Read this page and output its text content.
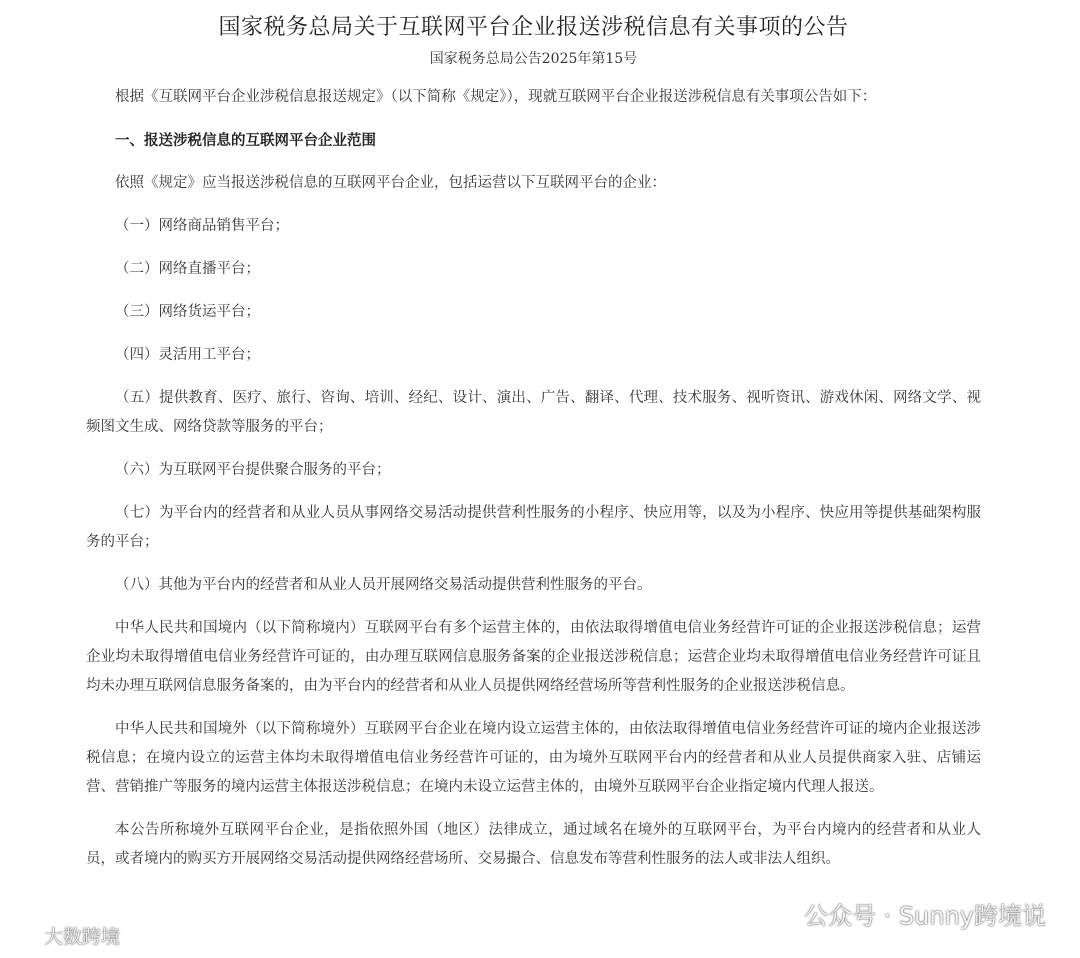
国家税务总局关于互联网平台企业报送涉税信息有关事项的公告
国家税务总局公告2025年第15号

根据《互联网平台企业涉税信息报送规定》（以下简称《规定》），现就互联网平台企业报送涉税信息有关事项公告如下：

一、报送涉税信息的互联网平台企业范围

依照《规定》应当报送涉税信息的互联网平台企业，包括运营以下互联网平台的企业：

（一）网络商品销售平台；

（二）网络直播平台；

（三）网络货运平台；

（四）灵活用工平台；

（五）提供教育、医疗、旅行、咨询、培训、经纪、设计、演出、广告、翻译、代理、技术服务、视听资讯、游戏休闲、网络文学、视频图文生成、网络贷款等服务的平台；

（六）为互联网平台提供聚合服务的平台；

（七）为平台内的经营者和从业人员从事网络交易活动提供营利性服务的小程序、快应用等，以及为小程序、快应用等提供基础架构服务的平台；

（八）其他为平台内的经营者和从业人员开展网络交易活动提供营利性服务的平台。

中华人民共和国境内（以下简称境内）互联网平台有多个运营主体的，由依法取得增值电信业务经营许可证的企业报送涉税信息；运营企业均未取得增值电信业务经营许可证的，由办理互联网信息服务备案的企业报送涉税信息；运营企业均未取得增值电信业务经营许可证且均未办理互联网信息服务备案的，由为平台内的经营者和从业人员提供网络经营场所等营利性服务的企业报送涉税信息。

中华人民共和国境外（以下简称境外）互联网平台企业在境内设立运营主体的，由依法取得增值电信业务经营许可证的境内企业报送涉税信息；在境内设立的运营主体均未取得增值电信业务经营许可证的，由为境外互联网平台内的经营者和从业人员提供商家入驻、店铺运营、营销推广等服务的境内运营主体报送涉税信息；在境内未设立运营主体的，由境外互联网平台企业指定境内代理人报送。

本公告所称境外互联网平台企业，是指依照外国（地区）法律成立，通过域名在境外的互联网平台，为平台内境内的经营者和从业人员，或者境内的购买方开展网络交易活动提供网络经营场所、交易撮合、信息发布等营利性服务的法人或非法人组织。

大数跨境
公众号 · Sunny跨境说
